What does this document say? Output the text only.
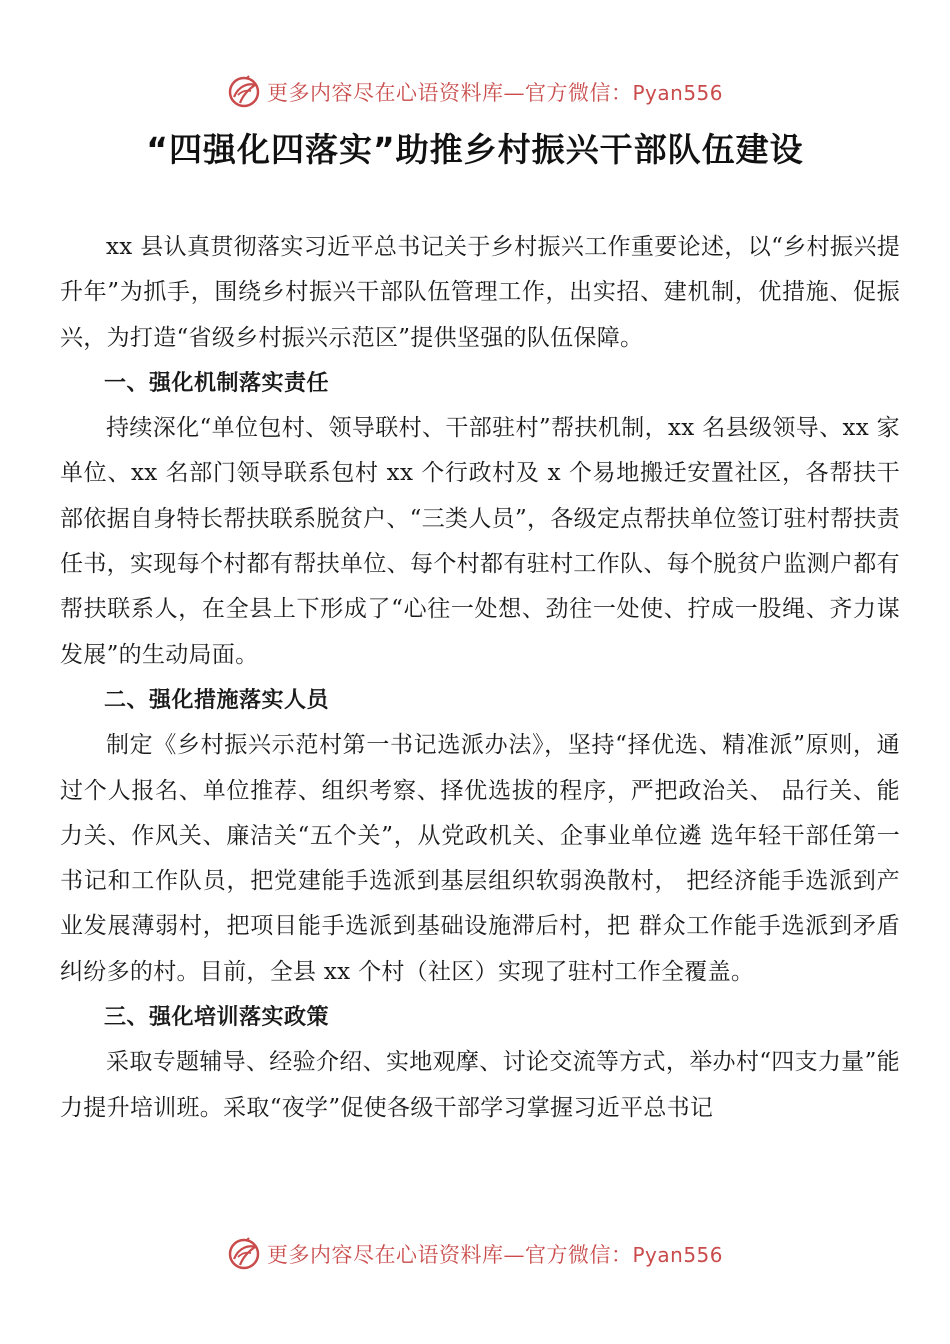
更多内容尽在心语资料库—官方微信：Pyan556
“四强化四落实”助推乡村振兴干部队伍建设

xx 县认真贯彻落实习近平总书记关于乡村振兴工作重要论述，以“乡村振兴提升年”为抓手，围绕乡村振兴干部队伍管理工作，出实招、建机制，优措施、促振兴，为打造“省级乡村振兴示范区”提供坚强的队伍保障。

一、强化机制落实责任

持续深化“单位包村、领导联村、干部驻村”帮扶机制，xx 名县级领导、xx 家单位、xx 名部门领导联系包村 xx 个行政村及 x 个易地搬迁安置社区，各帮扶干部依据自身特长帮扶联系脱贫户、“三类人员”，各级定点帮扶单位签订驻村帮扶责任书，实现每个村都有帮扶单位、每个村都有驻村工作队、每个脱贫户监测户都有帮扶联系人，在全县上下形成了“心往一处想、劲往一处使、拧成一股绳、齐力谋发展”的生动局面。

二、强化措施落实人员

制定《乡村振兴示范村第一书记选派办法》，坚持“择优选、精准派”原则，通过个人报名、单位推荐、组织考察、择优选拔的程序，严把政治关、 品行关、能力关、作风关、廉洁关“五个关”，从党政机关、企事业单位遴 选年轻干部任第一书记和工作队员，把党建能手选派到基层组织软弱涣散村， 把经济能手选派到产业发展薄弱村，把项目能手选派到基础设施滞后村，把 群众工作能手选派到矛盾纠纷多的村。目前，全县 xx 个村（社区）实现了驻村工作全覆盖。

三、强化培训落实政策

采取专题辅导、经验介绍、实地观摩、讨论交流等方式，举办村“四支力量”能力提升培训班。采取“夜学”促使各级干部学习掌握习近平总书记

更多内容尽在心语资料库—官方微信：Pyan556
